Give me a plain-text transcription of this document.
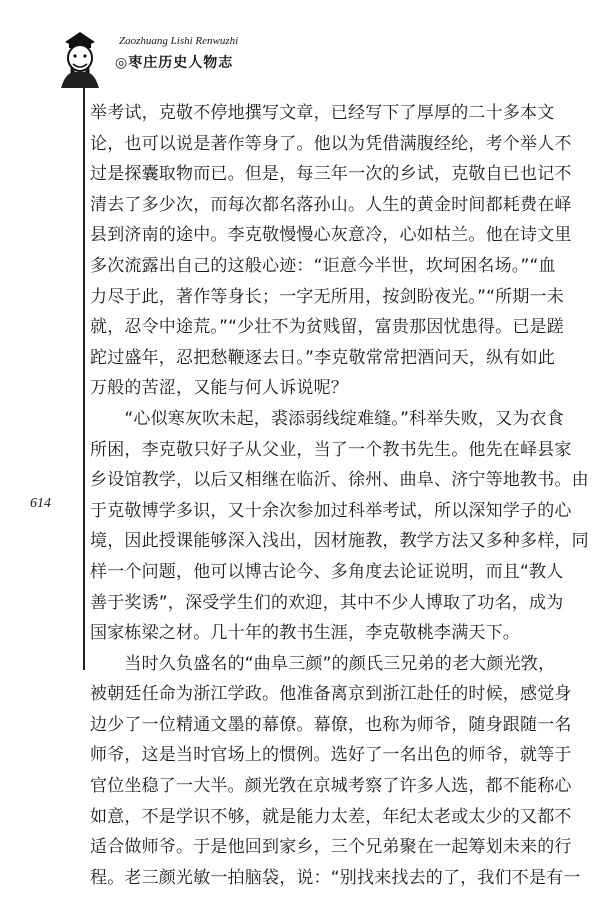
Zaozhuang Lishi Renwuzhi
◎枣庄历史人物志
614
举考试，克敬不停地撰写文章，已经写下了厚厚的二十多本文
论，也可以说是著作等身了。他以为凭借满腹经纶，考个举人不
过是探囊取物而已。但是，每三年一次的乡试，克敬自已也记不
清去了多少次，而每次都名落孙山。人生的黄金时间都耗费在峄
县到济南的途中。李克敬慢慢心灰意冷，心如枯兰。他在诗文里
多次流露出自己的这般心迹：“讵意今半世，坎坷困名场。”“血
力尽于此，著作等身长；一字无所用，按剑盼夜光。”“所期一未
就，忍令中途荒。”“少壮不为贫贱留，富贵那因忧患得。已是蹉
跎过盛年，忍把愁鞭逐去日。”李克敬常常把酒问天，纵有如此
万般的苦涩，又能与何人诉说呢？
　　“心似寒灰吹未起，裘添弱线绽难缝。”科举失败，又为衣食
所困，李克敬只好子从父业，当了一个教书先生。他先在峄县家
乡设馆教学，以后又相继在临沂、徐州、曲阜、济宁等地教书。由
于克敬博学多识，又十余次参加过科举考试，所以深知学子的心
境，因此授课能够深入浅出，因材施教，教学方法又多种多样，同
样一个问题，他可以博古论今、多角度去论证说明，而且“教人
善于奖诱”，深受学生们的欢迎，其中不少人博取了功名，成为
国家栋梁之材。几十年的教书生涯，李克敬桃李满天下。
　　当时久负盛名的“曲阜三颜”的颜氏三兄弟的老大颜光敩，
被朝廷任命为浙江学政。他准备离京到浙江赴任的时候，感觉身
边少了一位精通文墨的幕僚。幕僚，也称为师爷，随身跟随一名
师爷，这是当时官场上的惯例。选好了一名出色的师爷，就等于
官位坐稳了一大半。颜光敩在京城考察了许多人选，都不能称心
如意，不是学识不够，就是能力太差，年纪太老或太少的又都不
适合做师爷。于是他回到家乡，三个兄弟聚在一起筹划未来的行
程。老三颜光敏一拍脑袋，说：“别找来找去的了，我们不是有一
